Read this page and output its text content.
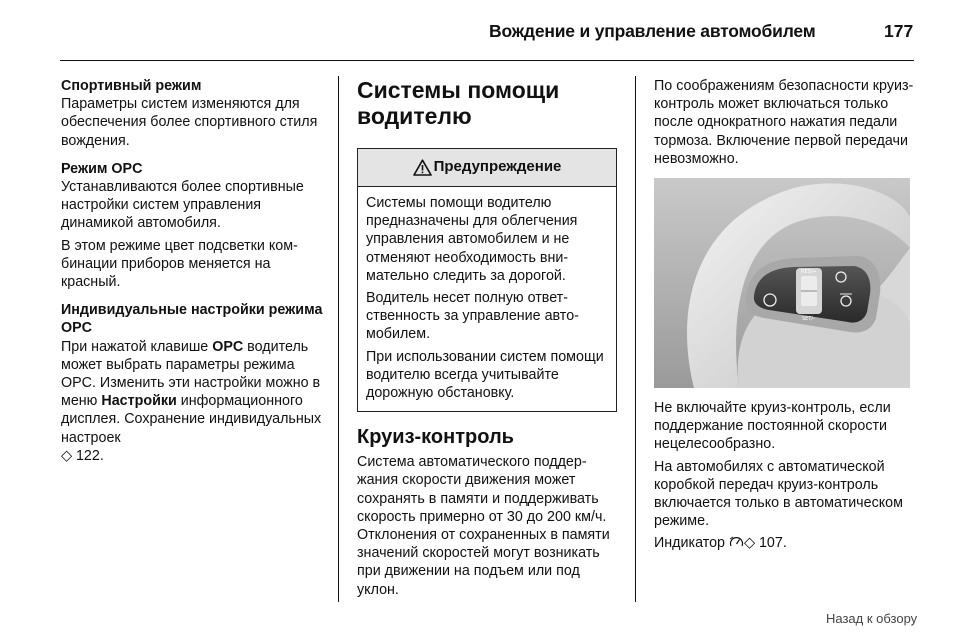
Вождение и управление автомобилем	177

Спортивный режим

Параметры систем изменяются для обеспечения более спортивного стиля вождения.

Режим OPC

Устанавливаются более спортивные настройки систем управления динамикой автомобиля.

В этом режиме цвет подсветки комбинации приборов меняется на красный.

Индивидуальные настройки режима OPC

При нажатой клавише OPC водитель может выбрать параметры режима OPC. Изменить эти настройки можно в меню Настройки информационного дисплея. Сохранение индивидуальных настроек
◇ 122.

Системы помощи водителю
Предупреждение

Системы помощи водителю предназначены для облегчения управления автомобилем и не отменяют необходимость внимательно следить за дорогой.

Водитель несет полную ответственность за управление автомобилем.

При использовании систем помощи водителю всегда учитывайте дорожную обстановку.

Круиз-контроль

Система автоматического поддержания скорости движения может сохранять в памяти и поддерживать скорость примерно от 30 до 200 км/ч. Отклонения от сохраненных в памяти значений скоростей могут возникать при движении на подъем или под уклон.

По соображениям безопасности круиз-контроль может включаться только после однократного нажатия педали тормоза. Включение первой передачи невозможно.

RES/+
SET/-

Не включайте круиз-контроль, если поддержание постоянной скорости нецелесообразно.

На автомобилях с автоматической коробкой передач круиз-контроль включается только в автоматическом режиме.

Индикатор ◇ 107.

Назад к обзору
